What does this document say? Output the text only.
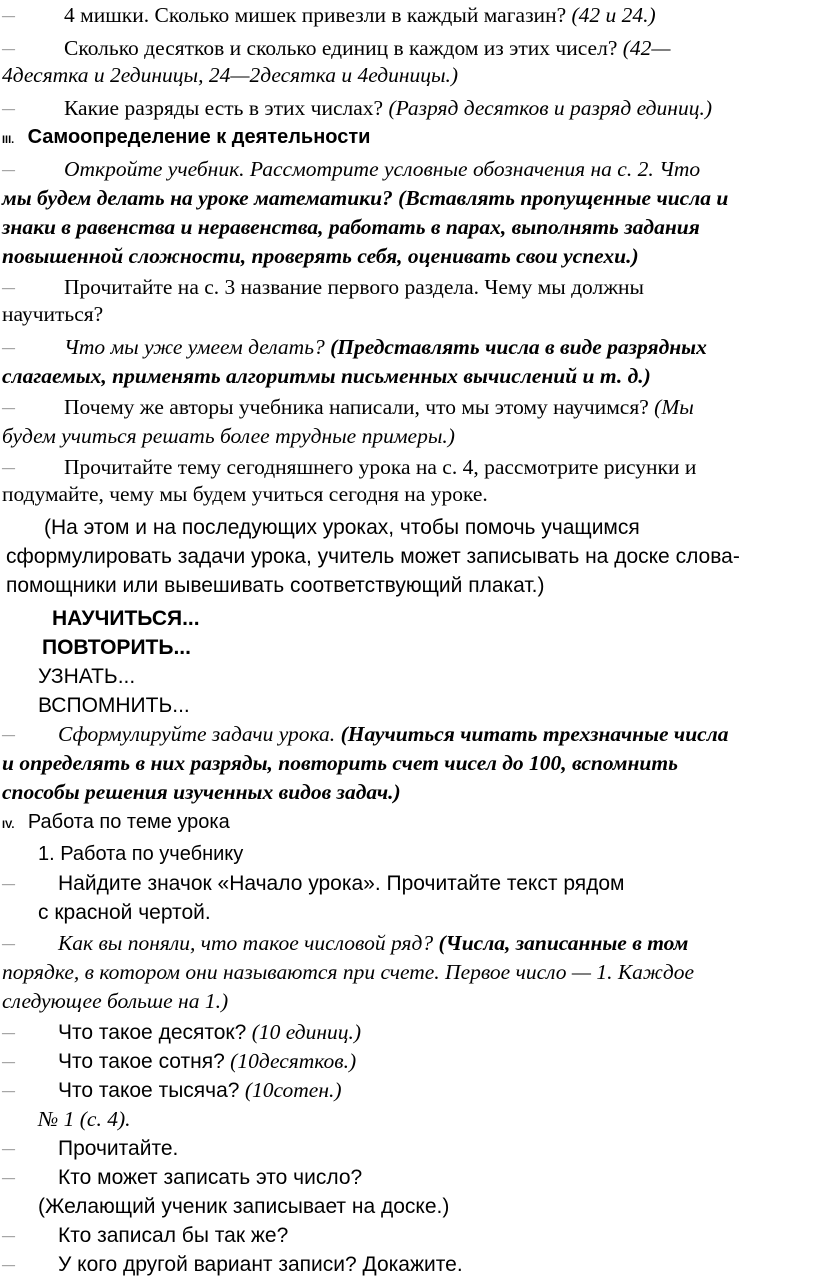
— 4 мишки. Сколько мишек привезли в каждый магазин? (42 и 24.)
— Сколько десятков и сколько единиц в каждом из этих чисел? (42—
4десятка и 2единицы, 24—2десятка и 4единицы.)
— Какие разряды есть в этих числах? (Разряд десятков и разряд единиц.)
III. Самоопределение к деятельности
— Откройте учебник. Рассмотрите условные обозначения на с. 2. Что
мы будем делать на уроке математики? (Вставлять пропущенные числа и
знаки в равенства и неравенства, работать в парах, выполнять задания
повышенной сложности, проверять себя, оценивать свои успехи.)
— Прочитайте на с. 3 название первого раздела. Чему мы должны
научиться?
— Что мы уже умеем делать? (Представлять числа в виде разрядных
слагаемых, применять алгоритмы письменных вычислений и т. д.)
— Почему же авторы учебника написали, что мы этому научимся? (Мы
будем учиться решать более трудные примеры.)
— Прочитайте тему сегодняшнего урока на с. 4, рассмотрите рисунки и
подумайте, чему мы будем учиться сегодня на уроке.
(На этом и на последующих уроках, чтобы помочь учащимся
сформулировать задачи урока, учитель может записывать на доске слова-
помощники или вывешивать соответствующий плакат.)
НАУЧИТЬСЯ...
ПОВТОРИТЬ...
УЗНАТЬ...
ВСПОМНИТЬ...
— Сформулируйте задачи урока. (Научиться читать трехзначные числа
и определять в них разряды, повторить счет чисел до 100, вспомнить
способы решения изученных видов задач.)
IV. Работа по теме урока
1. Работа по учебнику
— Найдите значок «Начало урока». Прочитайте текст рядом
с красной чертой.
— Как вы поняли, что такое числовой ряд? (Числа, записанные в том
порядке, в котором они называются при счете. Первое число — 1. Каждое
следующее больше на 1.)
— Что такое десяток? (10 единиц.)
— Что такое сотня? (10десятков.)
— Что такое тысяча? (10сотен.)
№ 1 (с. 4).
— Прочитайте.
— Кто может записать это число?
(Желающий ученик записывает на доске.)
— Кто записал бы так же?
— У кого другой вариант записи? Докажите.
